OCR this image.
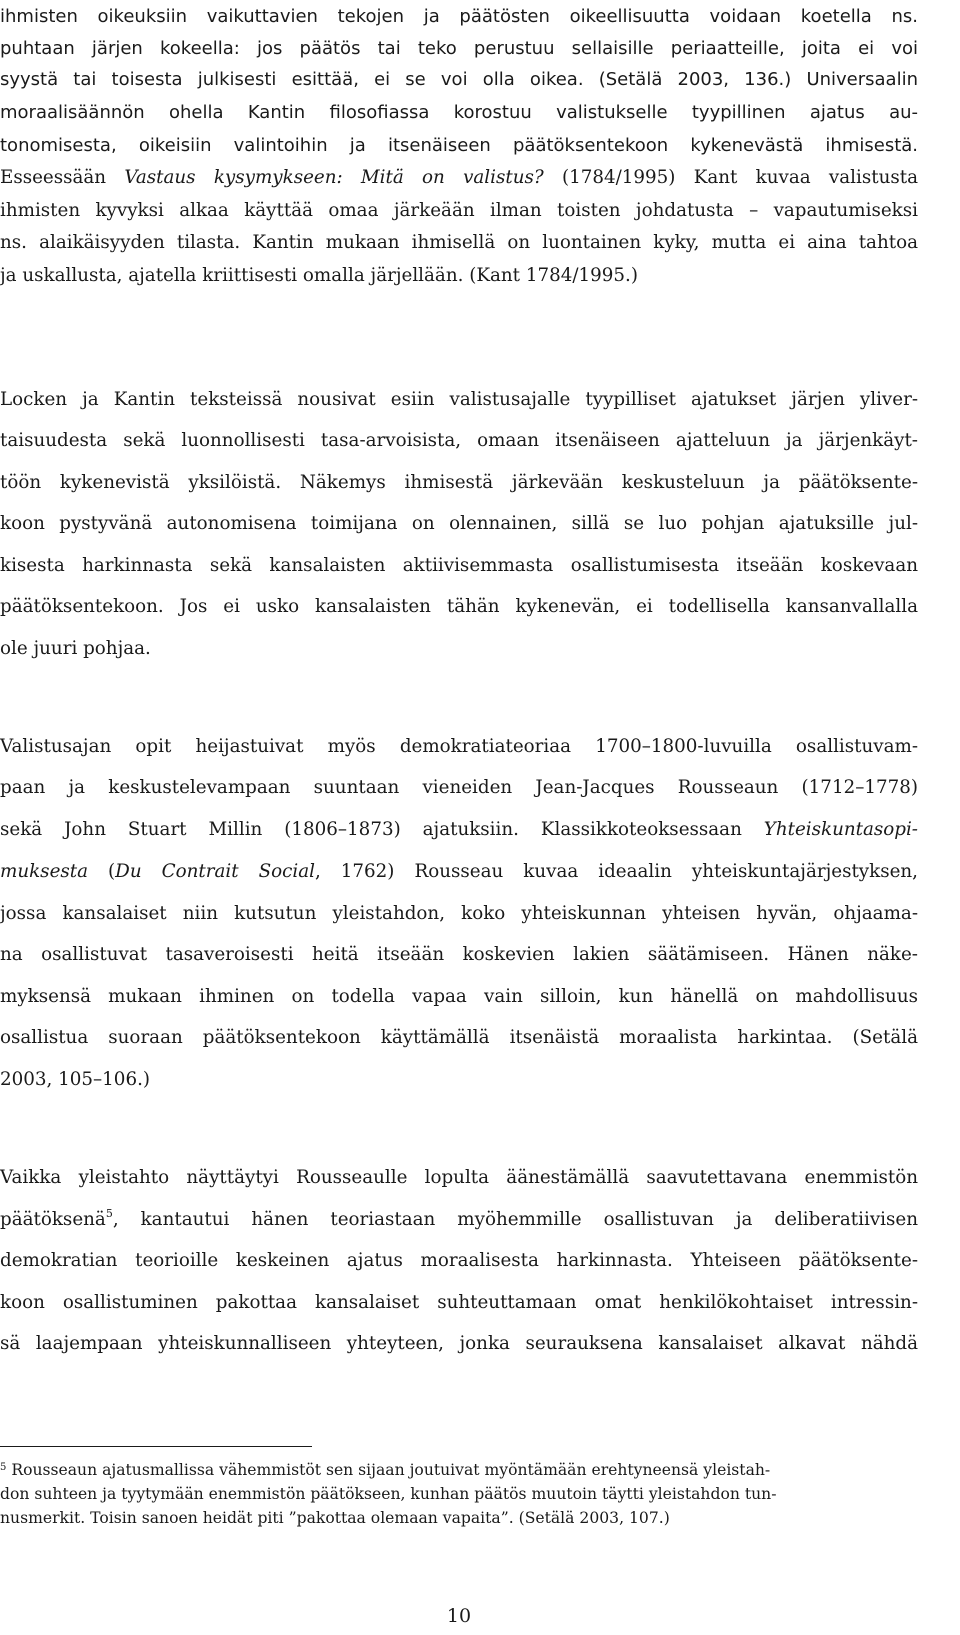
ihmisten oikeuksiin vaikuttavien tekojen ja päätösten oikeellisuutta voidaan koetella ns.
puhtaan järjen kokeella: jos päätös tai teko perustuu sellaisille periaatteille, joita ei voi
syystä tai toisesta julkisesti esittää, ei se voi olla oikea. (Setälä 2003, 136.) Universaalin
moraalisäännön ohella Kantin filosofiassa korostuu valistukselle tyypillinen ajatus au-
tonomisesta, oikeisiin valintoihin ja itsenäiseen päätöksentekoon kykenevästä ihmisestä.
Esseessään Vastaus kysymykseen: Mitä on valistus? (1784/1995) Kant kuvaa valistusta
ihmisten kyvyksi alkaa käyttää omaa järkeään ilman toisten johdatusta – vapautumiseksi
ns. alaikäisyyden tilasta. Kantin mukaan ihmisellä on luontainen kyky, mutta ei aina tahtoa
ja uskallusta, ajatella kriittisesti omalla järjellään. (Kant 1784/1995.)
Locken ja Kantin teksteissä nousivat esiin valistusajalle tyypilliset ajatukset järjen yliver-
taisuudesta sekä luonnollisesti tasa-arvoisista, omaan itsenäiseen ajatteluun ja järjenkäyt-
töön kykenevistä yksilöistä. Näkemys ihmisestä järkevään keskusteluun ja päätöksente-
koon pystyvänä autonomisena toimijana on olennainen, sillä se luo pohjan ajatuksille jul-
kisesta harkinnasta sekä kansalaisten aktiivisemmasta osallistumisesta itseään koskevaan
päätöksentekoon. Jos ei usko kansalaisten tähän kykenevän, ei todellisella kansanvallalla
ole juuri pohjaa.
Valistusajan opit heijastuivat myös demokratiateoriaa 1700–1800-luvuilla osallistuvam-
paan ja keskustelevampaan suuntaan vieneiden Jean-Jacques Rousseaun (1712–1778)
sekä John Stuart Millin (1806–1873) ajatuksiin. Klassikkoteoksessaan Yhteiskuntasopi-
muksesta (Du Contrait Social, 1762) Rousseau kuvaa ideaalin yhteiskuntajärjestyksen,
jossa kansalaiset niin kutsutun yleistahdon, koko yhteiskunnan yhteisen hyvän, ohjaama-
na osallistuvat tasaveroisesti heitä itseään koskevien lakien säätämiseen. Hänen näke-
myksensä mukaan ihminen on todella vapaa vain silloin, kun hänellä on mahdollisuus
osallistua suoraan päätöksentekoon käyttämällä itsenäistä moraalista harkintaa. (Setälä
2003, 105–106.)
Vaikka yleistahto näyttäytyi Rousseaulle lopulta äänestämällä saavutettavana enemmistön
päätöksenä$^5$, kantautui hänen teoriastaan myöhemmille osallistuvan ja deliberatiivisen
demokratian teorioille keskeinen ajatus moraalisesta harkinnasta. Yhteiseen päätöksente-
koon osallistuminen pakottaa kansalaiset suhteuttamaan omat henkilökohtaiset intressin-
sä laajempaan yhteiskunnalliseen yhteyteen, jonka seurauksena kansalaiset alkavat nähdä
$^5$ Rousseaun ajatusmallissa vähemmistöt sen sijaan joutuivat myöntämään erehtyneensä yleistah-
don suhteen ja tyytymään enemmistön päätökseen, kunhan päätös muutoin täytti yleistahdon tun-
nusmerkit. Toisin sanoen heidät piti ”pakottaa olemaan vapaita”. (Setälä 2003, 107.)
10
